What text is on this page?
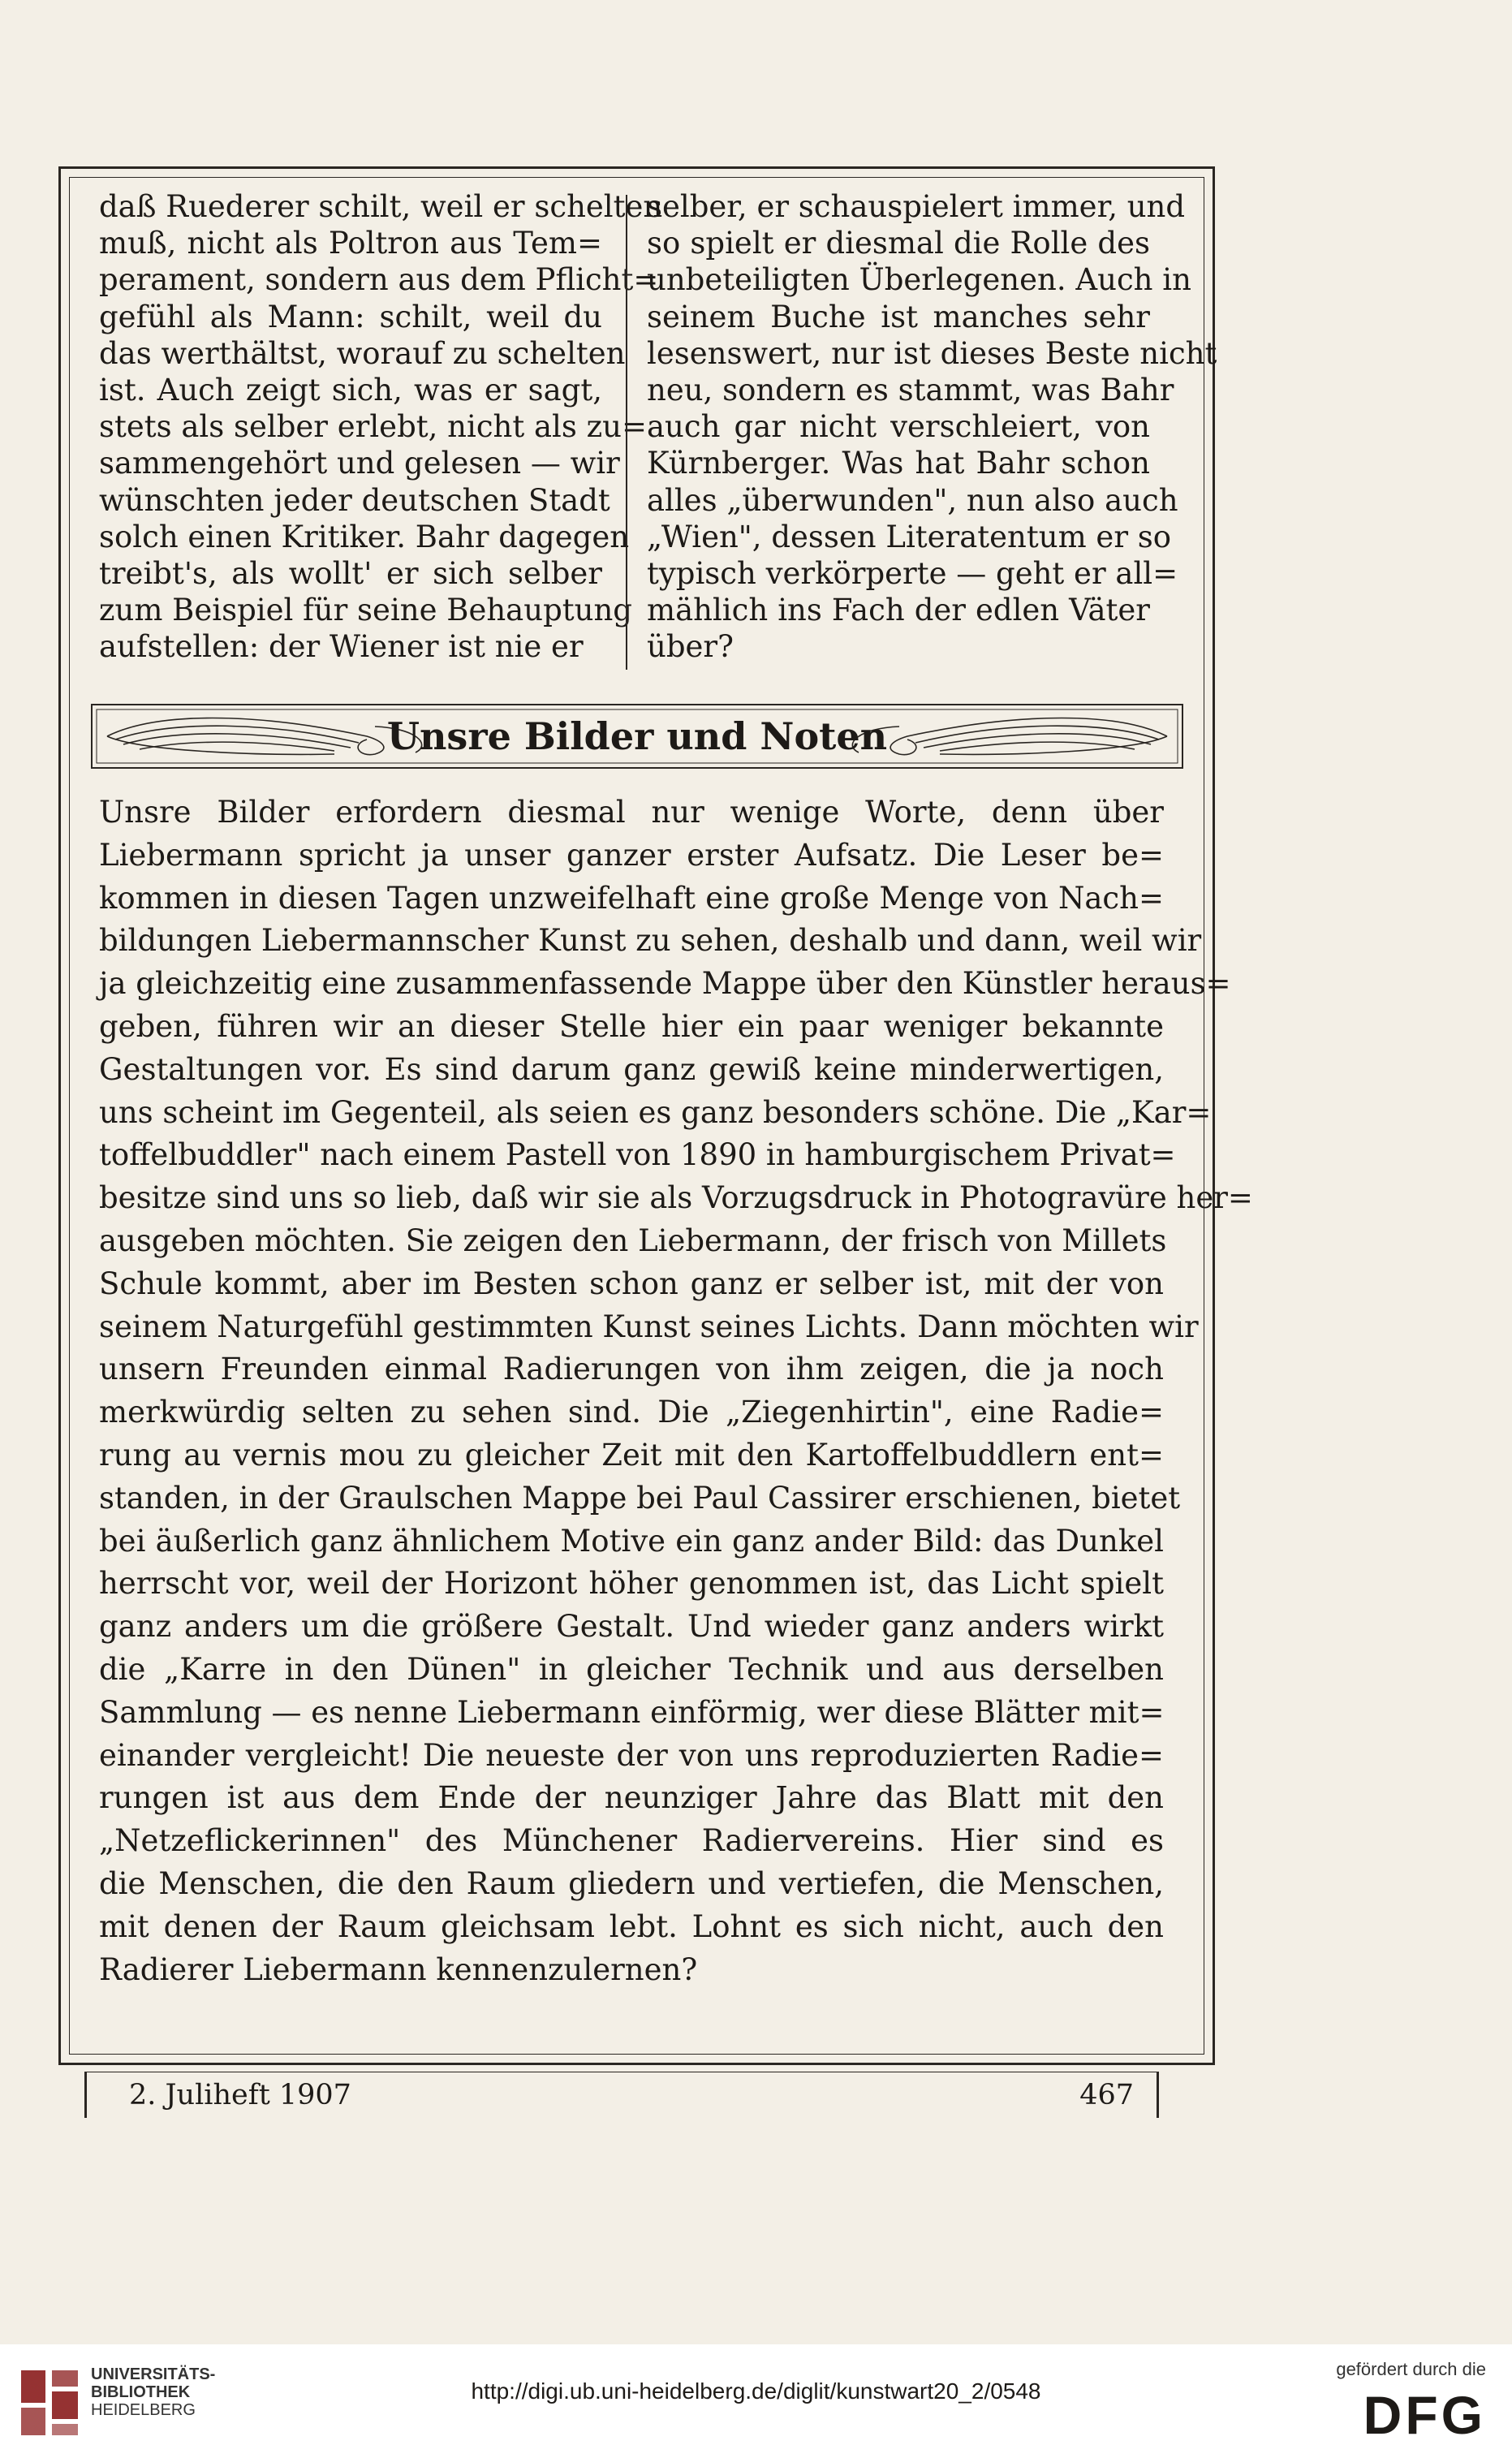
daß Ruederer schilt, weil er schelten
muß, nicht als Poltron aus Tem=
perament, sondern aus dem Pflicht=
gefühl als Mann: schilt, weil du
das werthältst, worauf zu schelten
ist. Auch zeigt sich, was er sagt,
stets als selber erlebt, nicht als zu=
sammengehört und gelesen — wir
wünschten jeder deutschen Stadt
solch einen Kritiker. Bahr dagegen
treibt's, als wollt' er sich selber
zum Beispiel für seine Behauptung
aufstellen: der Wiener ist nie er
selber, er schauspielert immer, und
so spielt er diesmal die Rolle des
unbeteiligten Überlegenen. Auch in
seinem Buche ist manches sehr
lesenswert, nur ist dieses Beste nicht
neu, sondern es stammt, was Bahr
auch gar nicht verschleiert, von
Kürnberger. Was hat Bahr schon
alles „überwunden", nun also auch
„Wien", dessen Literatentum er so
typisch verkörperte — geht er all=
mählich ins Fach der edlen Väter
über?
Unsre Bilder und Noten
Unsre Bilder erfordern diesmal nur wenige Worte, denn über
Liebermann spricht ja unser ganzer erster Aufsatz. Die Leser be=
kommen in diesen Tagen unzweifelhaft eine große Menge von Nach=
bildungen Liebermannscher Kunst zu sehen, deshalb und dann, weil wir
ja gleichzeitig eine zusammenfassende Mappe über den Künstler heraus=
geben, führen wir an dieser Stelle hier ein paar weniger bekannte
Gestaltungen vor. Es sind darum ganz gewiß keine minderwertigen,
uns scheint im Gegenteil, als seien es ganz besonders schöne. Die „Kar=
toffelbuddler" nach einem Pastell von 1890 in hamburgischem Privat=
besitze sind uns so lieb, daß wir sie als Vorzugsdruck in Photogravüre her=
ausgeben möchten. Sie zeigen den Liebermann, der frisch von Millets
Schule kommt, aber im Besten schon ganz er selber ist, mit der von
seinem Naturgefühl gestimmten Kunst seines Lichts. Dann möchten wir
unsern Freunden einmal Radierungen von ihm zeigen, die ja noch
merkwürdig selten zu sehen sind. Die „Ziegenhirtin", eine Radie=
rung au vernis mou zu gleicher Zeit mit den Kartoffelbuddlern ent=
standen, in der Graulschen Mappe bei Paul Cassirer erschienen, bietet
bei äußerlich ganz ähnlichem Motive ein ganz ander Bild: das Dunkel
herrscht vor, weil der Horizont höher genommen ist, das Licht spielt
ganz anders um die größere Gestalt. Und wieder ganz anders wirkt
die „Karre in den Dünen" in gleicher Technik und aus derselben
Sammlung — es nenne Liebermann einförmig, wer diese Blätter mit=
einander vergleicht! Die neueste der von uns reproduzierten Radie=
rungen ist aus dem Ende der neunziger Jahre das Blatt mit den
„Netzeflickerinnen" des Münchener Radiervereins. Hier sind es
die Menschen, die den Raum gliedern und vertiefen, die Menschen,
mit denen der Raum gleichsam lebt. Lohnt es sich nicht, auch den
Radierer Liebermann kennenzulernen?
2. Juliheft 1907	467
UNIVERSITÄTS-
BIBLIOTHEK
HEIDELBERG
http://digi.ub.uni-heidelberg.de/diglit/kunstwart20_2/0548
gefördert durch die
DFG
